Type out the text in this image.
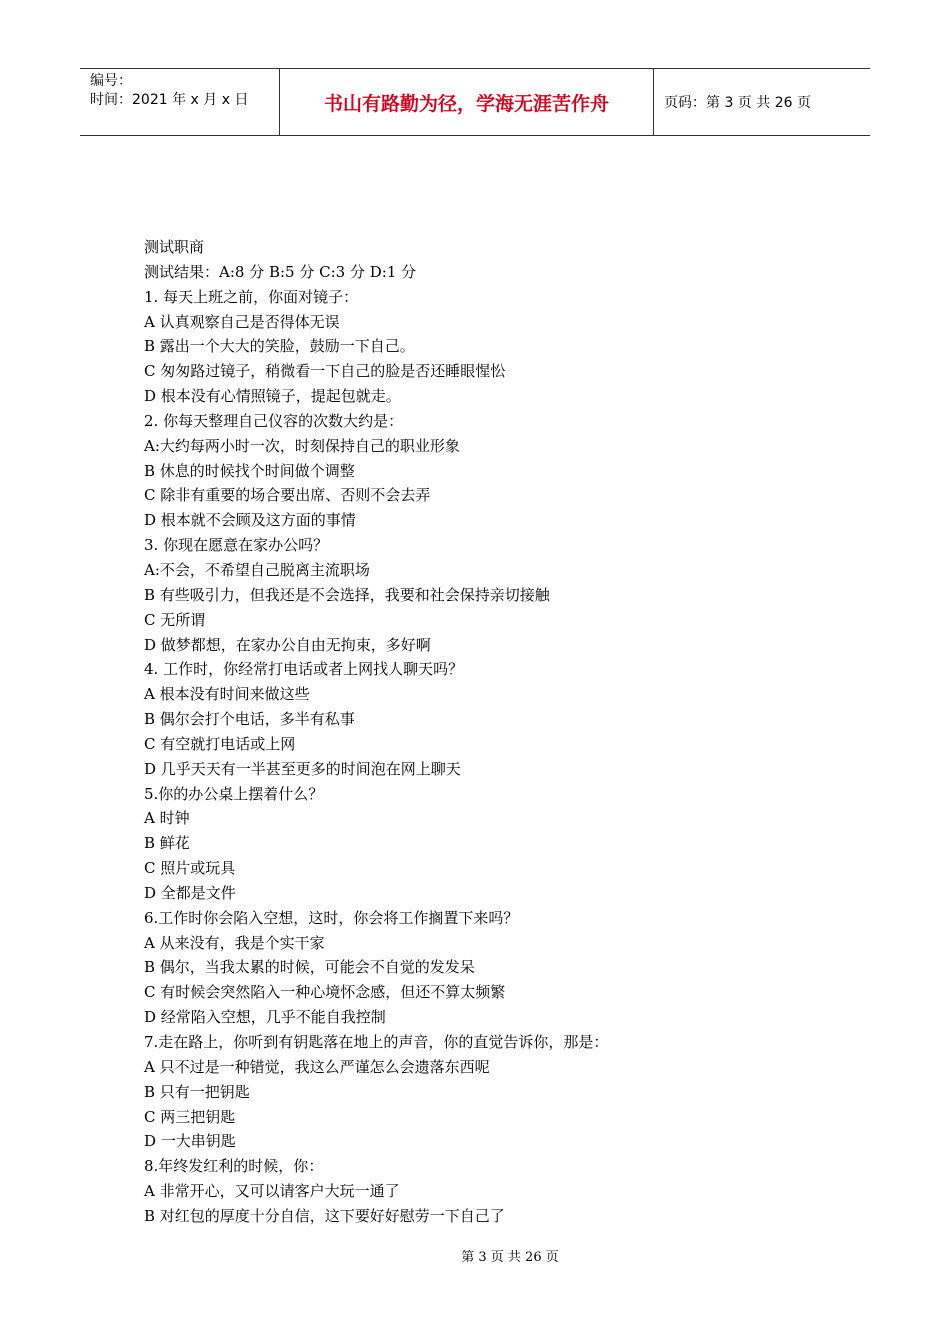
编号：
时间：2021 年 x 月 x 日	书山有路勤为径，学海无涯苦作舟	页码：第 3 页 共 26 页
测试职商
测试结果：A:8 分 B:5 分 C:3 分 D:1 分
1. 每天上班之前，你面对镜子：
A 认真观察自己是否得体无误
B 露出一个大大的笑脸，鼓励一下自己。
C 匆匆路过镜子，稍微看一下自己的脸是否还睡眼惺忪
D 根本没有心情照镜子，提起包就走。
2. 你每天整理自己仪容的次数大约是：
A:大约每两小时一次，时刻保持自己的职业形象
B 休息的时候找个时间做个调整
C 除非有重要的场合要出席、否则不会去弄
D 根本就不会顾及这方面的事情
3. 你现在愿意在家办公吗？
A:不会，不希望自己脱离主流职场
B 有些吸引力，但我还是不会选择，我要和社会保持亲切接触
C 无所谓
D 做梦都想，在家办公自由无拘束，多好啊
4. 工作时，你经常打电话或者上网找人聊天吗？
A 根本没有时间来做这些
B 偶尔会打个电话，多半有私事
C 有空就打电话或上网
D 几乎天天有一半甚至更多的时间泡在网上聊天
5.你的办公桌上摆着什么？
A 时钟
B 鲜花
C 照片或玩具
D 全都是文件
6.工作时你会陷入空想，这时，你会将工作搁置下来吗？
A 从来没有，我是个实干家
B 偶尔，当我太累的时候，可能会不自觉的发发呆
C 有时候会突然陷入一种心境怀念感，但还不算太频繁
D 经常陷入空想，几乎不能自我控制
7.走在路上，你听到有钥匙落在地上的声音，你的直觉告诉你，那是：
A 只不过是一种错觉，我这么严谨怎么会遗落东西呢
B 只有一把钥匙
C 两三把钥匙
D 一大串钥匙
8.年终发红利的时候，你：
A 非常开心，又可以请客户大玩一通了
B 对红包的厚度十分自信，这下要好好慰劳一下自己了
第 3 页 共 26 页
